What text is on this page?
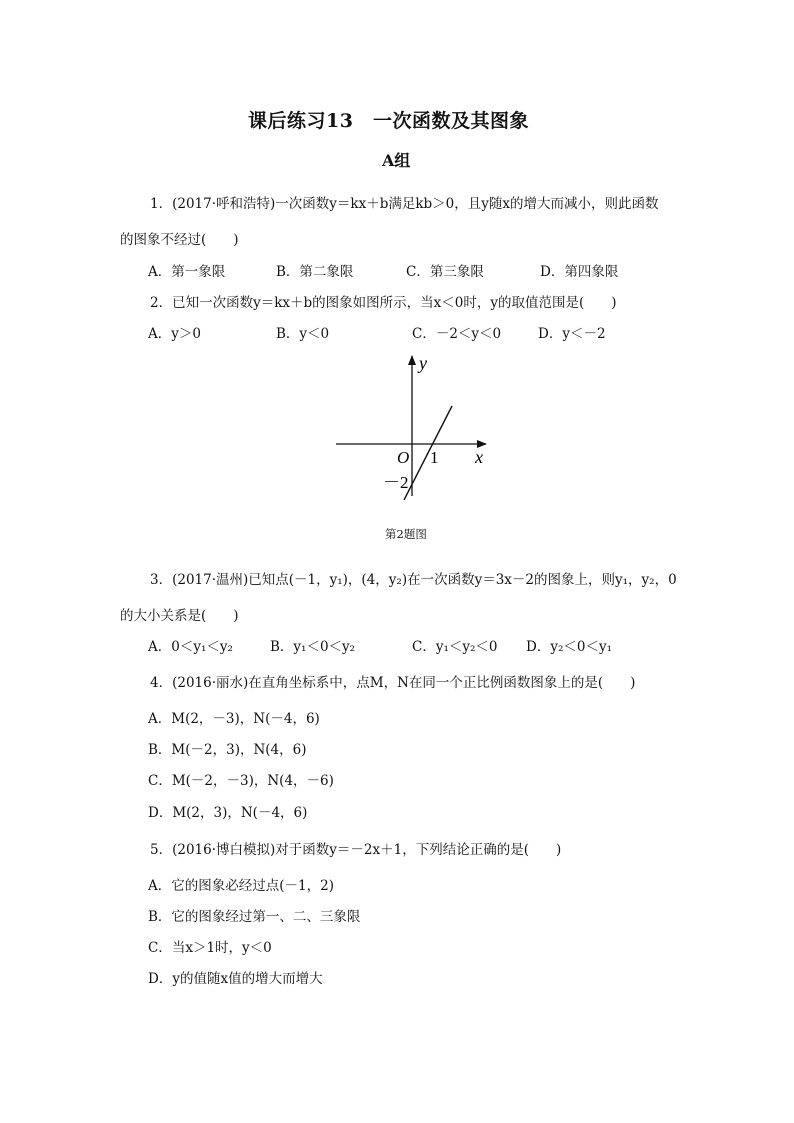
课后练习13　一次函数及其图象
A组
1．(2017·呼和浩特)一次函数y＝kx＋b满足kb＞0，且y随x的增大而减小，则此函数
的图象不经过(　　)
A．第一象限	B．第二象限	C．第三象限	D．第四象限
2．已知一次函数y＝kx＋b的图象如图所示，当x＜0时，y的取值范围是(　　)
A．y＞0	B．y＜0	C．－2＜y＜0	D．y＜－2
y
x
O 1
－2
第2题图
3．(2017·温州)已知点(－1，y₁)，(4，y₂)在一次函数y＝3x－2的图象上，则y₁，y₂，0
的大小关系是(　　)
A．0＜y₁＜y₂	B．y₁＜0＜y₂	C．y₁＜y₂＜0 D．y₂＜0＜y₁
4．(2016·丽水)在直角坐标系中，点M，N在同一个正比例函数图象上的是(　　)
A．M(2，－3)，N(－4，6)
B．M(－2，3)，N(4，6)
C．M(－2，－3)，N(4，－6)
D．M(2，3)，N(－4，6)
5．(2016·博白模拟)对于函数y＝－2x＋1，下列结论正确的是(　　)
A．它的图象必经过点(－1，2)
B．它的图象经过第一、二、三象限
C．当x＞1时，y＜0
D．y的值随x值的增大而增大
